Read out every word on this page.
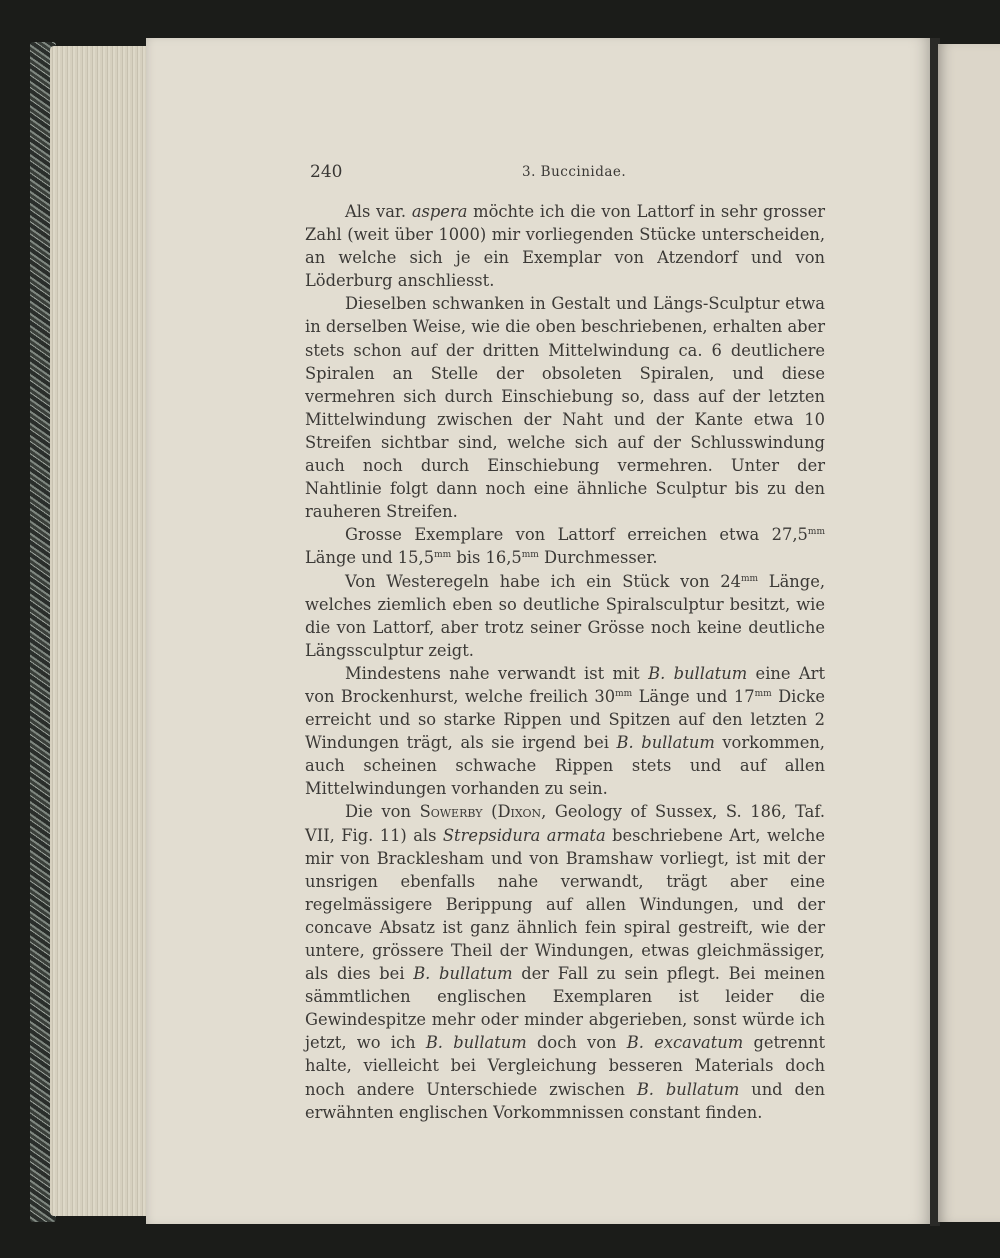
240	3. Buccinidae.

Als var. aspera möchte ich die von Lattorf in sehr grosser Zahl (weit über 1000) mir vorliegenden Stücke unterscheiden, an welche sich je ein Exemplar von Atzendorf und von Löderburg anschliesst.

Dieselben schwanken in Gestalt und Längs-Sculptur etwa in derselben Weise, wie die oben beschriebenen, erhalten aber stets schon auf der dritten Mittelwindung ca. 6 deutlichere Spiralen an Stelle der obsoleten Spiralen, und diese vermehren sich durch Einschiebung so, dass auf der letzten Mittelwindung zwischen der Naht und der Kante etwa 10 Streifen sichtbar sind, welche sich auf der Schlusswindung auch noch durch Einschiebung vermehren. Unter der Nahtlinie folgt dann noch eine ähnliche Sculptur bis zu den rauheren Streifen.

Grosse Exemplare von Lattorf erreichen etwa $27,5^{mm}$ Länge und $15,5^{mm}$ bis $16,5^{mm}$ Durchmesser.

Von Westeregeln habe ich ein Stück von $24^{mm}$ Länge, welches ziemlich eben so deutliche Spiralsculptur besitzt, wie die von Lattorf, aber trotz seiner Grösse noch keine deutliche Längssculptur zeigt.

Mindestens nahe verwandt ist mit B. bullatum eine Art von Brockenhurst, welche freilich $30^{mm}$ Länge und $17^{mm}$ Dicke erreicht und so starke Rippen und Spitzen auf den letzten 2 Windungen trägt, als sie irgend bei B. bullatum vorkommen, auch scheinen schwache Rippen stets und auf allen Mittelwindungen vorhanden zu sein.

Die von Sowerby (Dixon, Geology of Sussex, S. 186, Taf. VII, Fig. 11) als Strepsidura armata beschriebene Art, welche mir von Bracklesham und von Bramshaw vorliegt, ist mit der unsrigen ebenfalls nahe verwandt, trägt aber eine regelmässigere Berippung auf allen Windungen, und der concave Absatz ist ganz ähnlich fein spiral gestreift, wie der untere, grössere Theil der Windungen, etwas gleichmässiger, als dies bei B. bullatum der Fall zu sein pflegt. Bei meinen sämmtlichen englischen Exemplaren ist leider die Gewindespitze mehr oder minder abgerieben, sonst würde ich jetzt, wo ich B. bullatum doch von B. excavatum getrennt halte, vielleicht bei Vergleichung besseren Materials doch noch andere Unterschiede zwischen B. bullatum und den erwähnten englischen Vorkommnissen constant finden.
